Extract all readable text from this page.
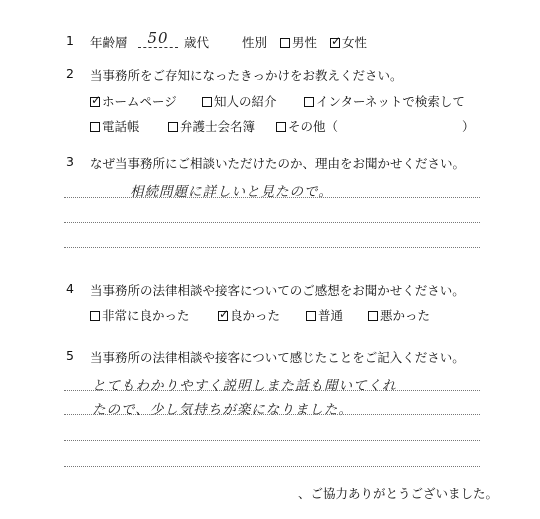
1 年齢層	50	歳代	性別	男性 ✓	女性
2 当事務所をご存知になったきっかけをお教えください。
✓ホームページ	知人の紹介	インターネットで検索して
電話帳	弁護士会名簿	その他（	）
3 なぜ当事務所にご相談いただけたのか、理由をお聞かせください。
相続問題に詳しいと見たので。
4 当事務所の法律相談や接客についてのご感想をお聞かせください。
非常に良かった ✓	良かった	普通	悪かった
5 当事務所の法律相談や接客について感じたことをご記入ください。
とてもわかりやすく説明しまた話も聞いてくれ
たので、少し気持ちが楽になりました。
、ご協力ありがとうございました。
